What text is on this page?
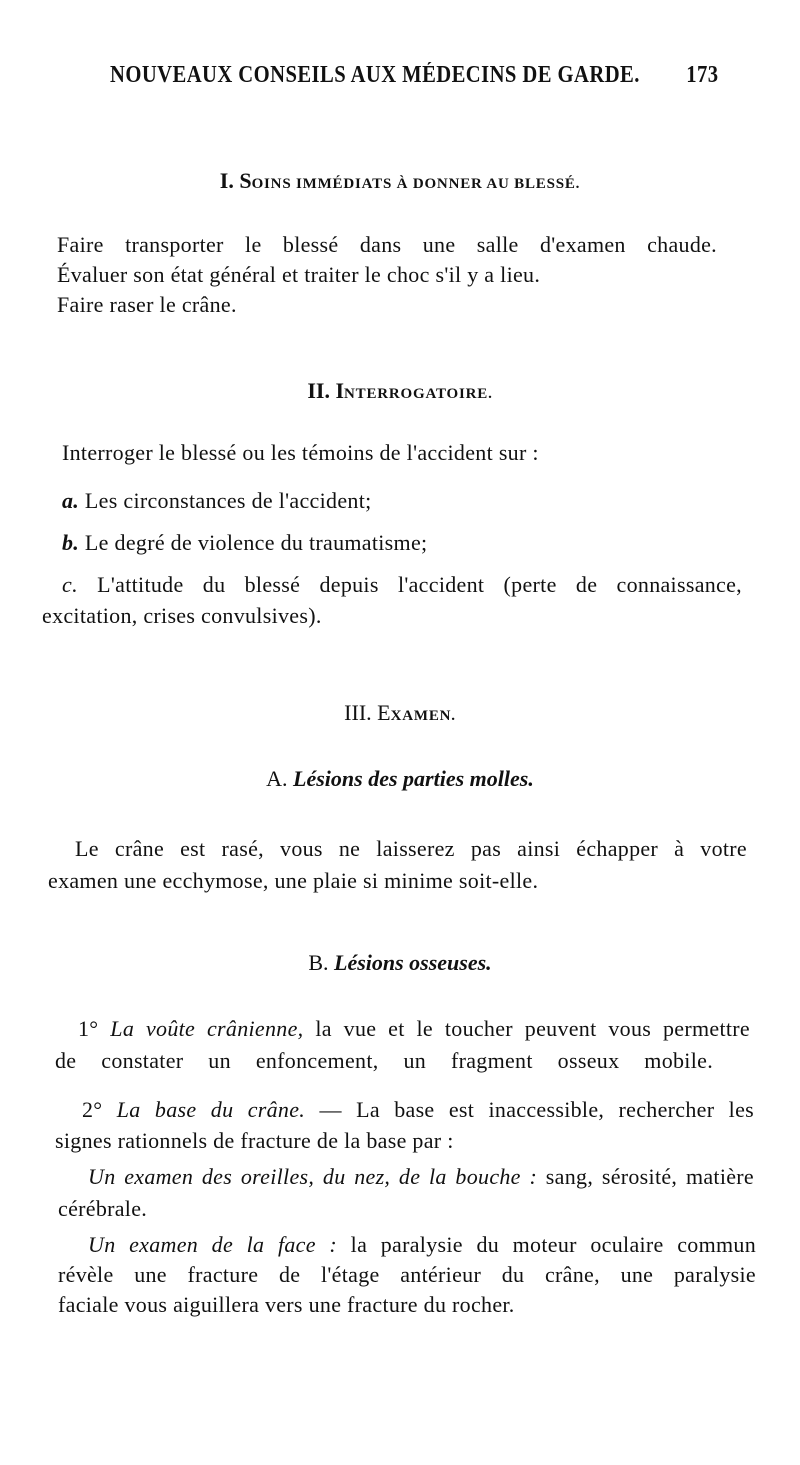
NOUVEAUX CONSEILS AUX MÉDECINS DE GARDE. 173
I. SOINS IMMÉDIATS À DONNER AU BLESSÉ.
Faire transporter le blessé dans une salle d'examen chaude.
Évaluer son état général et traiter le choc s'il y a lieu.
Faire raser le crâne.
II. INTERROGATOIRE.
Interroger le blessé ou les témoins de l'accident sur :
a. Les circonstances de l'accident;
b. Le degré de violence du traumatisme;
c. L'attitude du blessé depuis l'accident (perte de connaissance,
excitation, crises convulsives).
III. EXAMEN.
A. Lésions des parties molles.
Le crâne est rasé, vous ne laisserez pas ainsi échapper à votre
examen une ecchymose, une plaie si minime soit-elle.
B. Lésions osseuses.
1° La voûte crânienne, la vue et le toucher peuvent vous permettre
de constater un enfoncement, un fragment osseux mobile.
2° La base du crâne. — La base est inaccessible, rechercher les
signes rationnels de fracture de la base par :
Un examen des oreilles, du nez, de la bouche : sang, sérosité, matière
cérébrale.
Un examen de la face : la paralysie du moteur oculaire commun
révèle une fracture de l'étage antérieur du crâne, une paralysie
faciale vous aiguillera vers une fracture du rocher.
